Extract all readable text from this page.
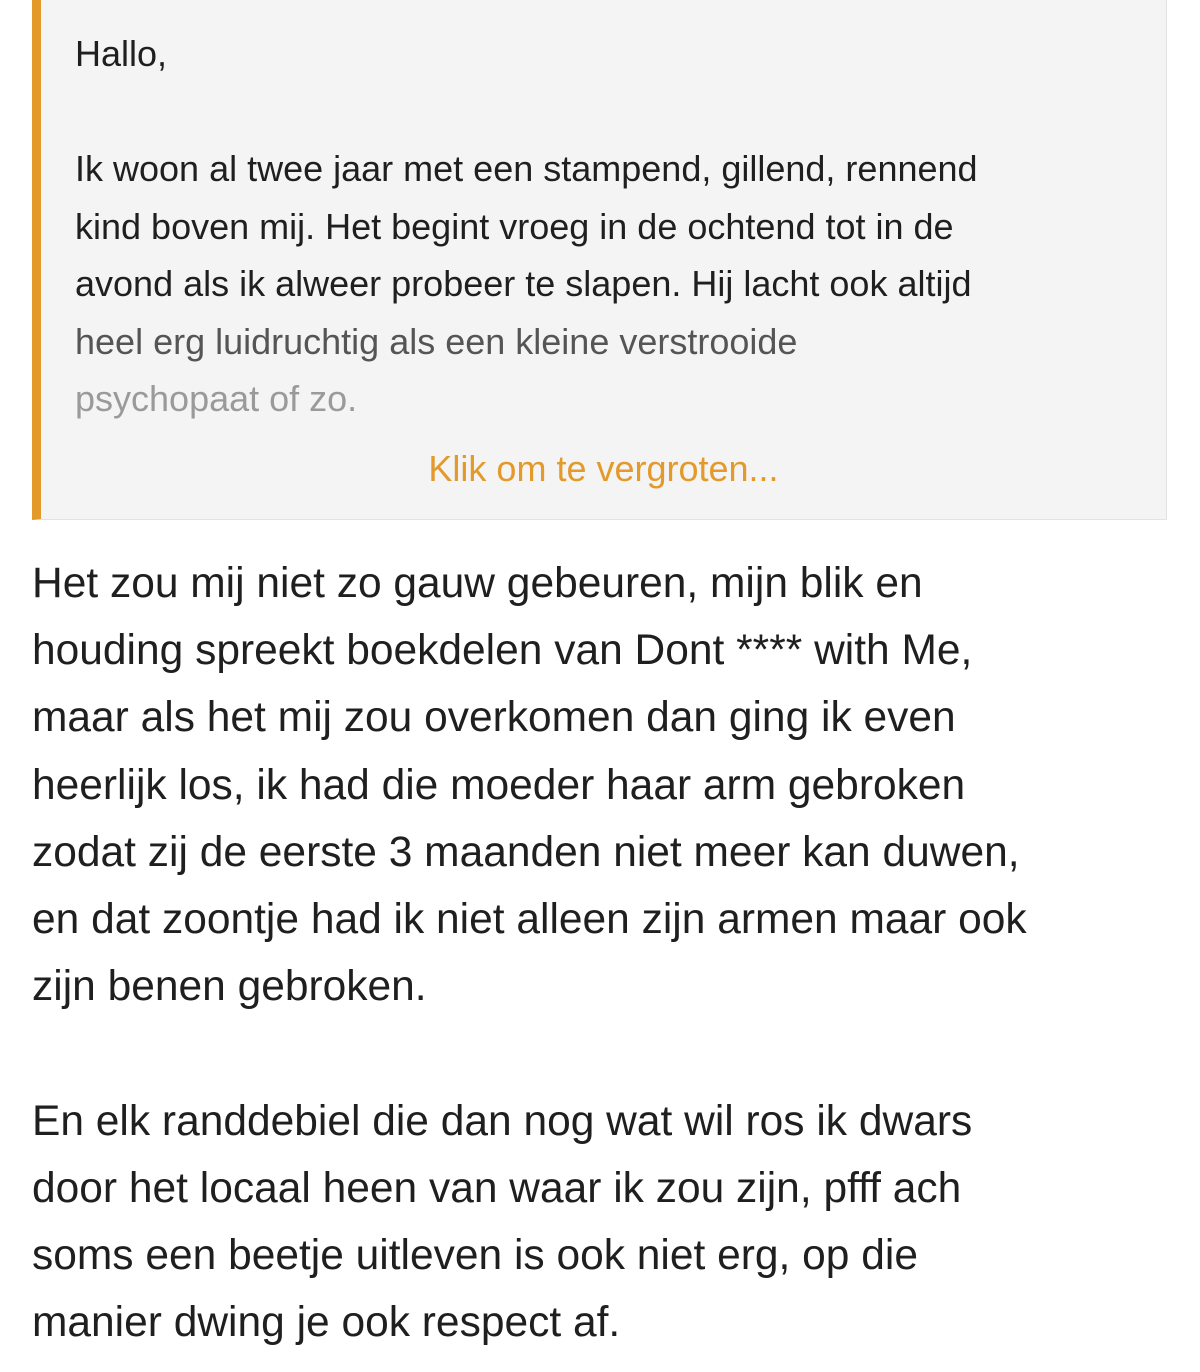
Hallo,

Ik woon al twee jaar met een stampend, gillend, rennend
kind boven mij. Het begint vroeg in de ochtend tot in de
avond als ik alweer probeer te slapen. Hij lacht ook altijd
heel erg luidruchtig als een kleine verstrooide
psychopaat of zo.

Klik om te vergroten...

Het zou mij niet zo gauw gebeuren, mijn blik en
houding spreekt boekdelen van Dont **** with Me,
maar als het mij zou overkomen dan ging ik even
heerlijk los, ik had die moeder haar arm gebroken
zodat zij de eerste 3 maanden niet meer kan duwen,
en dat zoontje had ik niet alleen zijn armen maar ook
zijn benen gebroken.

En elk randdebiel die dan nog wat wil ros ik dwars
door het locaal heen van waar ik zou zijn, pfff ach
soms een beetje uitleven is ook niet erg, op die
manier dwing je ook respect af.
